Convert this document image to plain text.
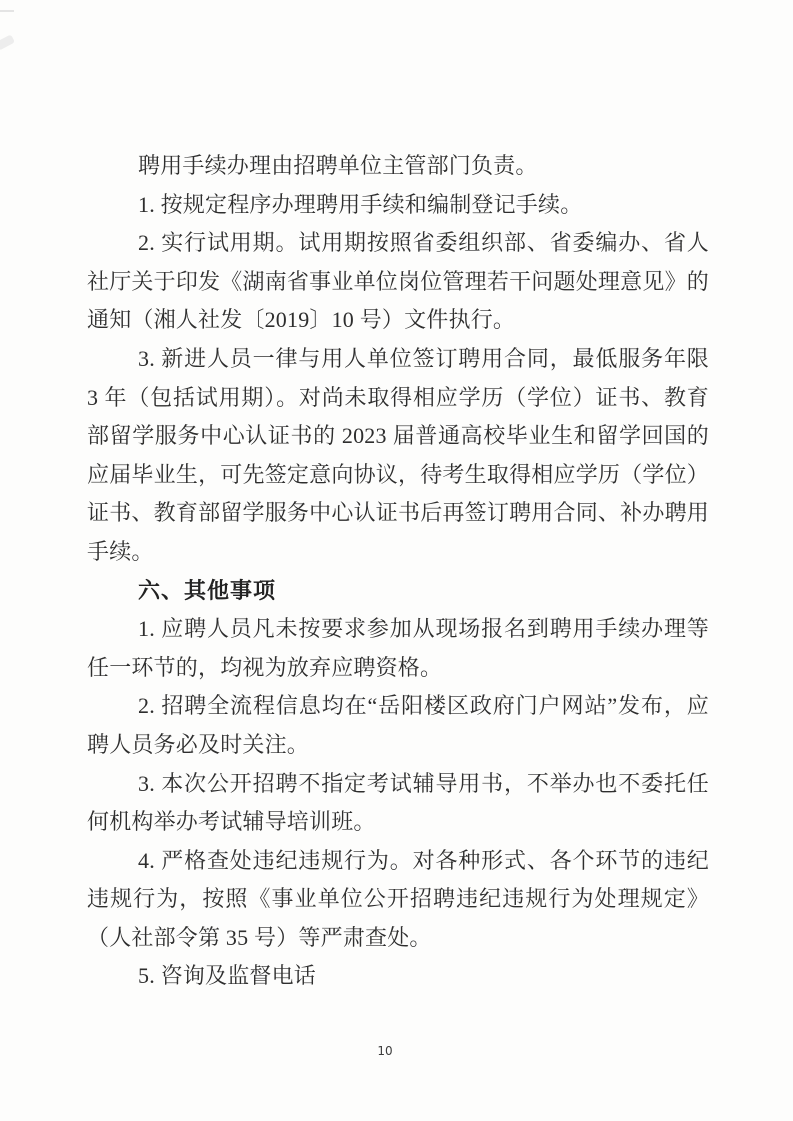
聘用手续办理由招聘单位主管部门负责。

1. 按规定程序办理聘用手续和编制登记手续。

2. 实行试用期。试用期按照省委组织部、省委编办、省人社厅关于印发《湖南省事业单位岗位管理若干问题处理意见》的通知（湘人社发〔2019〕10 号）文件执行。

3. 新进人员一律与用人单位签订聘用合同，最低服务年限 3 年（包括试用期）。对尚未取得相应学历（学位）证书、教育部留学服务中心认证书的 2023 届普通高校毕业生和留学回国的应届毕业生，可先签定意向协议，待考生取得相应学历（学位）证书、教育部留学服务中心认证书后再签订聘用合同、补办聘用手续。

六、其他事项

1. 应聘人员凡未按要求参加从现场报名到聘用手续办理等任一环节的，均视为放弃应聘资格。

2. 招聘全流程信息均在“岳阳楼区政府门户网站”发布，应聘人员务必及时关注。

3. 本次公开招聘不指定考试辅导用书，不举办也不委托任何机构举办考试辅导培训班。

4. 严格查处违纪违规行为。对各种形式、各个环节的违纪违规行为，按照《事业单位公开招聘违纪违规行为处理规定》（人社部令第 35 号）等严肃查处。

5. 咨询及监督电话

10
